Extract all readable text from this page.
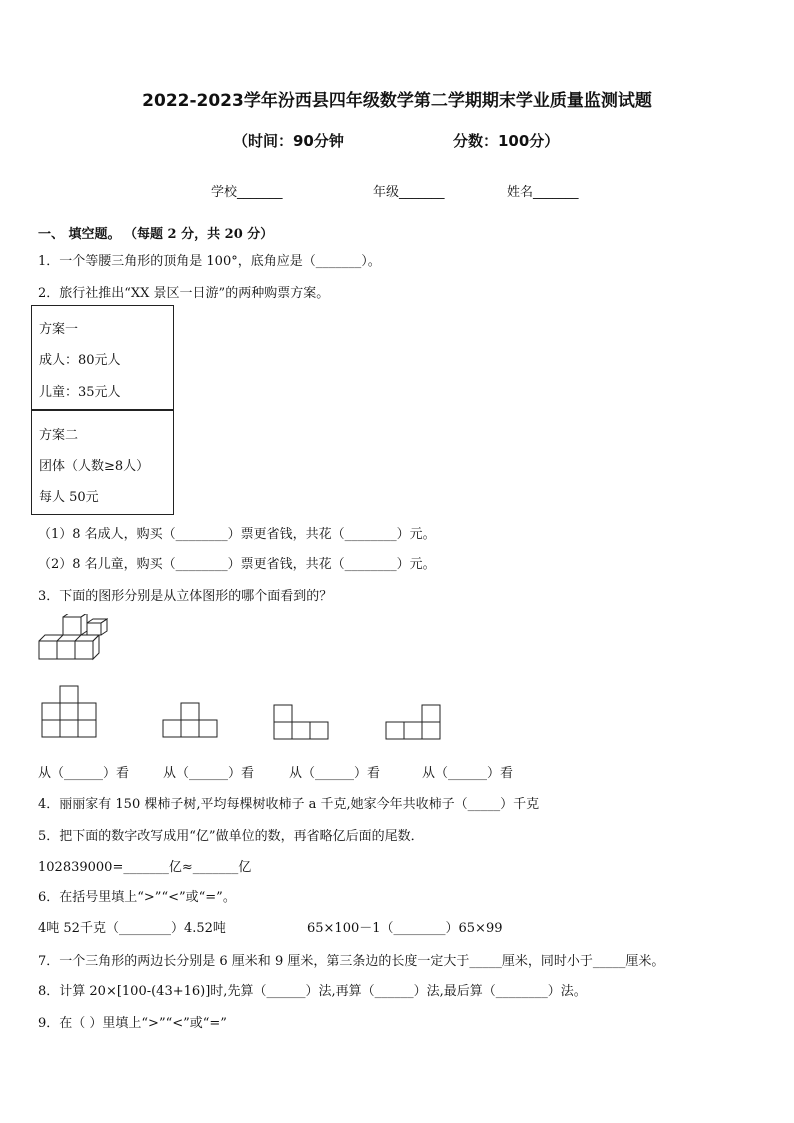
2022-2023学年汾西县四年级数学第二学期期末学业质量监测试题
（时间：90分钟	分数：100分）
学校_______	年级_______	姓名_______
一、 填空题。 （每题 2 分，共 20 分）
1．一个等腰三角形的顶角是 100°，底角应是（_______）。
2．旅行社推出“XX 景区一日游”的两种购票方案。
方案一
成人：80元人
儿童：35元人
方案二
团体（人数≥8人）
每人 50元
（1）8 名成人，购买（________）票更省钱，共花（________）元。
（2）8 名儿童，购买（________）票更省钱，共花（________）元。
3．下面的图形分别是从立体图形的哪个面看到的？
从（______）看	从（______）看	从（______）看	从（______）看
4．丽丽家有 150 棵柿子树,平均每棵树收柿子 a 千克,她家今年共收柿子（_____）千克
5．把下面的数字改写成用“亿”做单位的数，再省略亿后面的尾数．
102839000=_______亿≈_______亿
6．在括号里填上“>”“<”或“=”。
4吨 52千克（________）4.52吨	65×100－1（________）65×99
7．一个三角形的两边长分别是 6 厘米和 9 厘米，第三条边的长度一定大于_____厘米，同时小于_____厘米。
8．计算 20×[100-(43+16)]时,先算（______）法,再算（______）法,最后算（________）法。
9．在（ ）里填上“>”“<”或“=”
